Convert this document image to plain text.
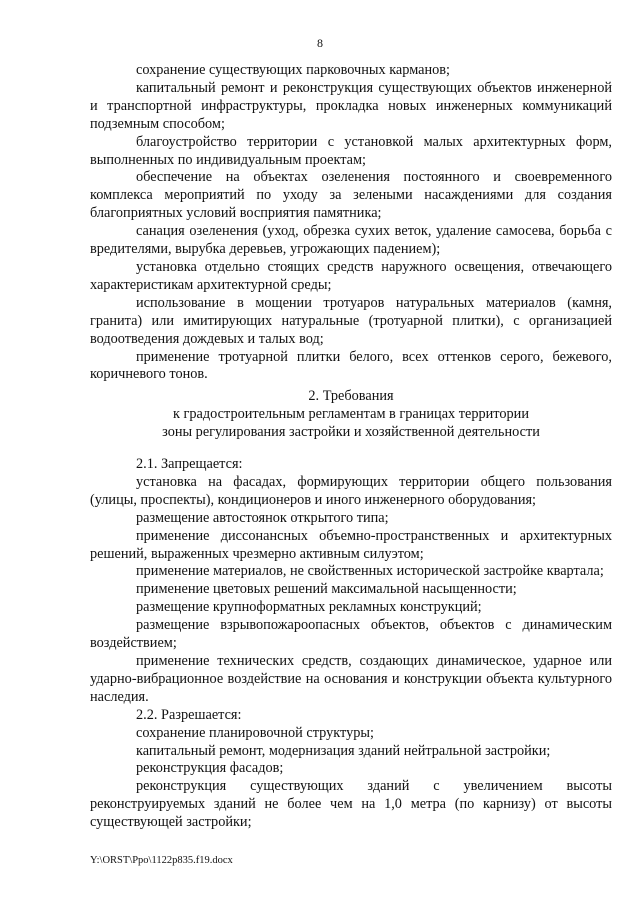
8

сохранение существующих парковочных карманов;

капитальный ремонт и реконструкция существующих объектов инженерной и транспортной инфраструктуры, прокладка новых инженерных коммуникаций подземным способом;

благоустройство территории с установкой малых архитектурных форм, выполненных по индивидуальным проектам;

обеспечение на объектах озеленения постоянного и своевременного комплекса мероприятий по уходу за зелеными насаждениями для создания благоприятных условий восприятия памятника;

санация озеленения (уход, обрезка сухих веток, удаление самосева, борьба с вредителями, вырубка деревьев, угрожающих падением);

установка отдельно стоящих средств наружного освещения, отвечающего характеристикам архитектурной среды;

использование в мощении тротуаров натуральных материалов (камня, гранита) или имитирующих натуральные (тротуарной плитки), с организацией водоотведения дождевых и талых вод;

применение тротуарной плитки белого, всех оттенков серого, бежевого, коричневого тонов.

2. Требования

к градостроительным регламентам в границах территории

зоны регулирования застройки и хозяйственной деятельности

2.1. Запрещается:

установка на фасадах, формирующих территории общего пользования (улицы, проспекты), кондиционеров и иного инженерного оборудования;

размещение автостоянок открытого типа;

применение диссонансных объемно-пространственных и архитектурных решений, выраженных чрезмерно активным силуэтом;

применение материалов, не свойственных исторической застройке квартала;

применение цветовых решений максимальной насыщенности;

размещение крупноформатных рекламных конструкций;

размещение взрывопожароопасных объектов, объектов с динамическим воздействием;

применение технических средств, создающих динамическое, ударное или ударно-вибрационное воздействие на основания и конструкции объекта культурного наследия.

2.2. Разрешается:

сохранение планировочной структуры;

капитальный ремонт, модернизация зданий нейтральной застройки;

реконструкция фасадов;

реконструкция существующих зданий с увеличением высоты реконструируемых зданий не более чем на 1,0 метра (по карнизу) от высоты существующей застройки;

Y:\ORST\Ppo\1122p835.f19.docx
